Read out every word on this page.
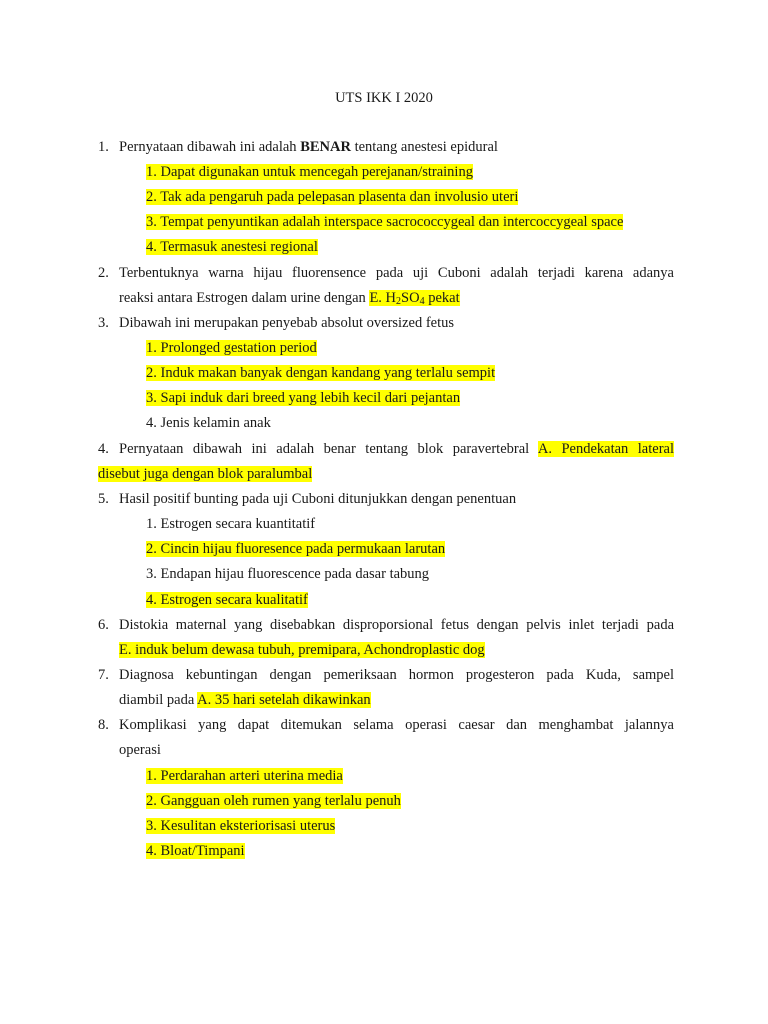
UTS IKK I 2020
1. Pernyataan dibawah ini adalah BENAR tentang anestesi epidural
1. Dapat digunakan untuk mencegah perejanan/straining
2. Tak ada pengaruh pada pelepasan plasenta dan involusio uteri
3. Tempat penyuntikan adalah interspace sacrococcygeal dan intercoccygeal space
4. Termasuk anestesi regional
2. Terbentuknya warna hijau fluorensence pada uji Cuboni adalah terjadi karena adanya
reaksi antara Estrogen dalam urine dengan E. $H_2SO_4$ pekat
3. Dibawah ini merupakan penyebab absolut oversized fetus
1. Prolonged gestation period
2. Induk makan banyak dengan kandang yang terlalu sempit
3. Sapi induk dari breed yang lebih kecil dari pejantan
4. Jenis kelamin anak
4. Pernyataan dibawah ini adalah benar tentang blok paravertebral A. Pendekatan lateral
disebut juga dengan blok paralumbal
5. Hasil positif bunting pada uji Cuboni ditunjukkan dengan penentuan
1. Estrogen secara kuantitatif
2. Cincin hijau fluoresence pada permukaan larutan
3. Endapan hijau fluorescence pada dasar tabung
4. Estrogen secara kualitatif
6. Distokia maternal yang disebabkan disproporsional fetus dengan pelvis inlet terjadi pada
E. induk belum dewasa tubuh, premipara, Achondroplastic dog
7. Diagnosa kebuntingan dengan pemeriksaan hormon progesteron pada Kuda, sampel
diambil pada A. 35 hari setelah dikawinkan
8. Komplikasi yang dapat ditemukan selama operasi caesar dan menghambat jalannya
operasi
1. Perdarahan arteri uterina media
2. Gangguan oleh rumen yang terlalu penuh
3. Kesulitan eksteriorisasi uterus
4. Bloat/Timpani
